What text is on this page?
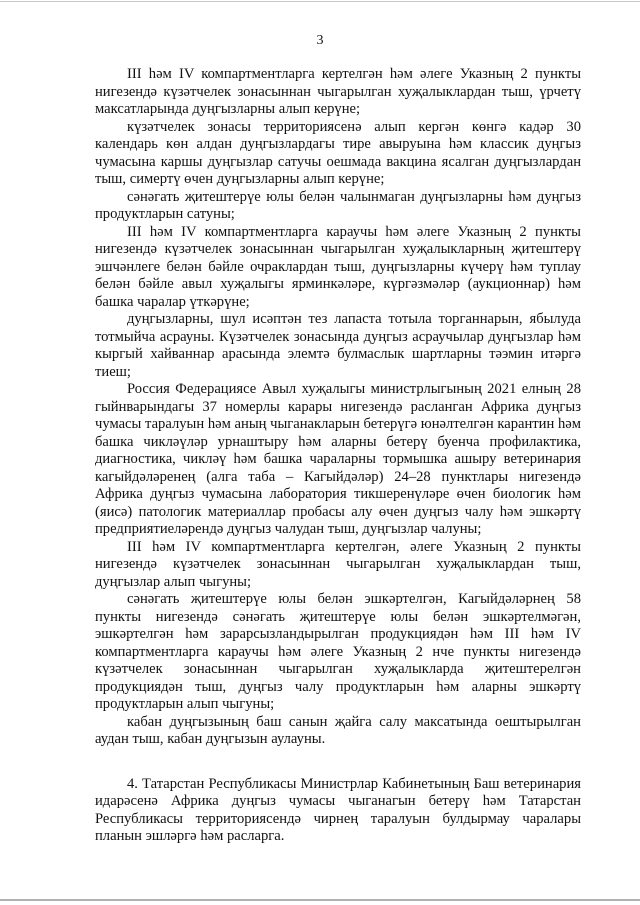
3

III һәм IV компартментларга кертелгән һәм әлеге Указның 2 пункты нигезендә күзәтчелек зонасыннан чыгарылган хуҗалыклардан тыш, үрчетү максатларында дуңгызларны алып керүне;

күзәтчелек зонасы территориясенә алып кергән көнгә кадәр 30 календарь көн алдан дуңгызлардагы тире авыруына һәм классик дуңгыз чумасына каршы дуңгызлар сатучы оешмада вакцина ясалган дуңгызлардан тыш, симертү өчен дуңгызларны алып керүне;

сәнәгать җитештерүе юлы белән чалынмаган дуңгызларны һәм дуңгыз продуктларын сатуны;

III һәм IV компартментларга караучы һәм әлеге Указның 2 пункты нигезендә күзәтчелек зонасыннан чыгарылган хуҗалыкларның җитештерү эшчәнлеге белән бәйле очраклардан тыш, дуңгызларны күчерү һәм туплау белән бәйле авыл хуҗалыгы ярминкәләре, күргәзмәләр (аукционнар) һәм башка чаралар үткәрүне;

дуңгызларны, шул исәптән тез лапаста тотыла торганнарын, ябылуда тотмыйча асрауны. Күзәтчелек зонасында дуңгыз асраучылар дуңгызлар һәм кыргый хайваннар арасында элемтә булмаслык шартларны тәэмин итәргә тиеш;

Россия Федерациясе Авыл хуҗалыгы министрлыгының 2021 елның 28 гыйнварындагы 37 номерлы карары нигезендә расланган Африка дуңгыз чумасы таралуын һәм аның чыганакларын бетерүгә юнәлтелгән карантин һәм башка чикләүләр урнаштыру һәм аларны бетерү буенча профилактика, диагностика, чикләү һәм башка чараларны тормышка ашыру ветеринария кагыйдәләренең (алга таба – Кагыйдәләр) 24–28 пунктлары нигезендә Африка дуңгыз чумасына лаборатория тикшеренүләре өчен биологик һәм (яисә) патологик материаллар пробасы алу өчен дуңгыз чалу һәм эшкәртү предприятиеләрендә дуңгыз чалудан тыш, дуңгызлар чалуны;

III һәм IV компартментларга кертелгән, әлеге Указның 2 пункты нигезендә күзәтчелек зонасыннан чыгарылган хуҗалыклардан тыш, дуңгызлар алып чыгуны;

сәнәгать җитештерүе юлы белән эшкәртелгән, Кагыйдәләрнең 58 пункты нигезендә сәнәгать җитештерүе юлы белән эшкәртелмәгән, эшкәртелгән һәм зарарсызландырылган продукциядән һәм III һәм IV компартментларга караучы һәм әлеге Указның 2 нче пункты нигезендә күзәтчелек зонасыннан чыгарылган хуҗалыкларда җитештерелгән продукциядән тыш, дуңгыз чалу продуктларын һәм аларны эшкәртү продуктларын алып чыгуны;

кабан дуңгызының баш санын җайга салу максатында оештырылган аудан тыш, кабан дуңгызын аулауны.

4. Татарстан Республикасы Министрлар Кабинетының Баш ветеринария идарәсенә Африка дуңгыз чумасы чыганагын бетерү һәм Татарстан Республикасы территориясендә чирнең таралуын булдырмау чаралары планын эшләргә һәм расларга.
